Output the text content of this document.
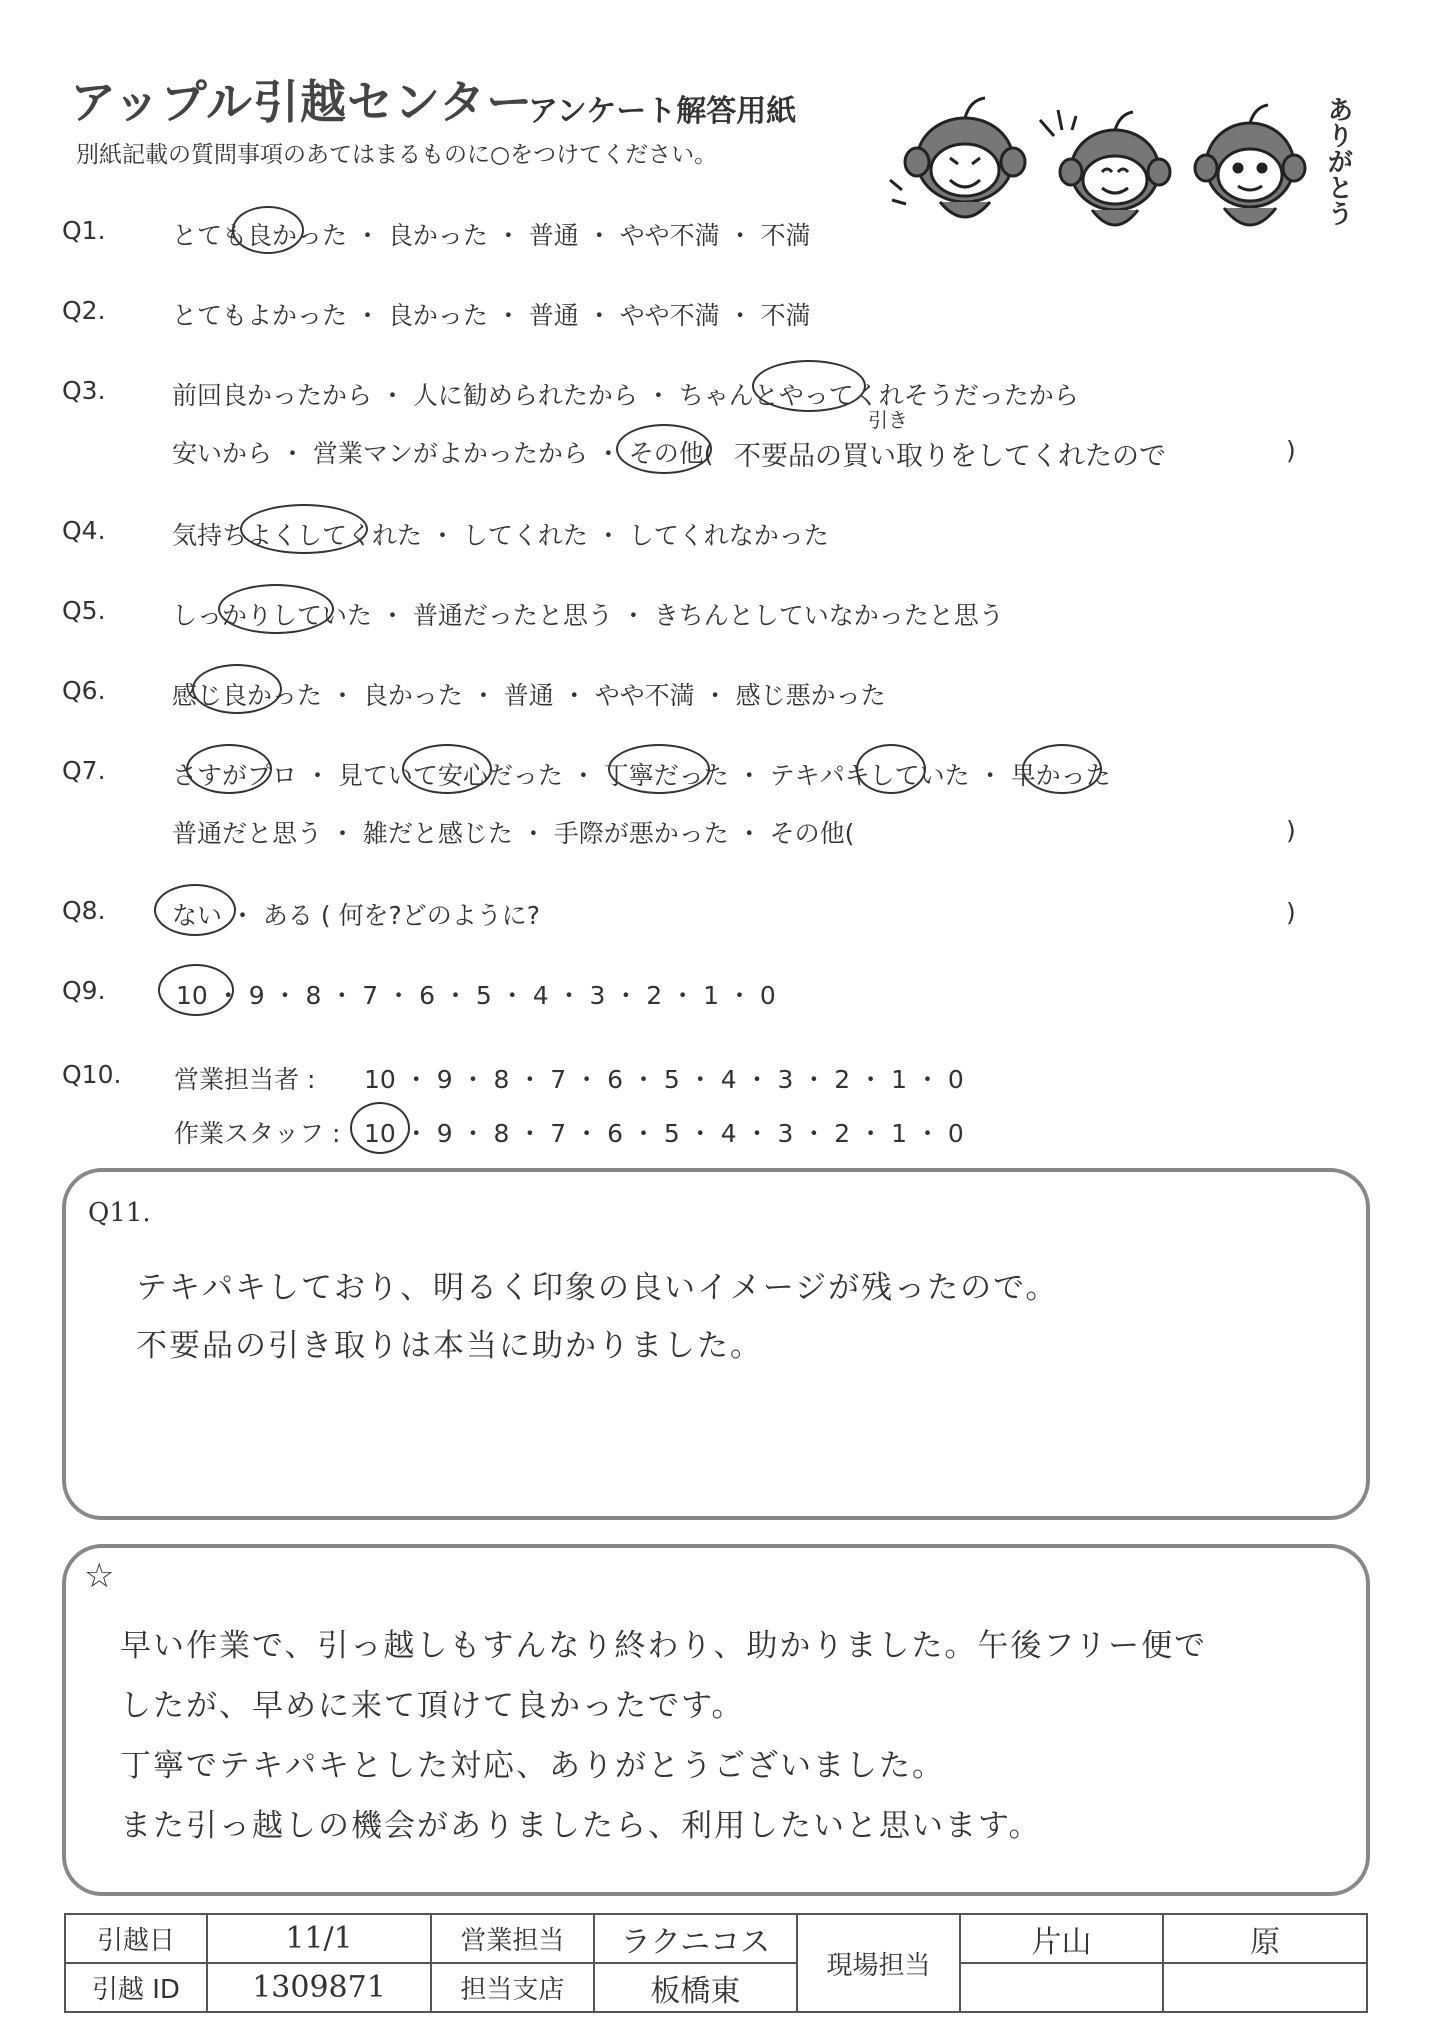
アップル引越センター
アンケート解答用紙
別紙記載の質問事項のあてはまるものに○をつけてください。	ありがとう
Q1.	とても良かった ・ 良かった ・ 普通 ・ やや不満 ・ 不満
Q2.	とてもよかった ・ 良かった ・ 普通 ・ やや不満 ・ 不満
Q3.	前回良かったから ・ 人に勧められたから ・ ちゃんとやってくれそうだったから
安いから ・ 営業マンがよかったから ・ その他( 不要品の買い取りをしてくれたので
引き
)
Q4.	気持ちよくしてくれた ・ してくれた ・ してくれなかった
Q5.	しっかりしていた ・ 普通だったと思う ・ きちんとしていなかったと思う
Q6.	感じ良かった ・ 良かった ・ 普通 ・ やや不満 ・ 感じ悪かった
Q7.	さすがプロ ・ 見ていて安心だった ・ 丁寧だった ・ テキパキしていた ・ 早かった
普通だと思う ・ 雑だと感じた ・ 手際が悪かった ・ その他(	)
Q8.	ない ・ ある ( 何を?どのように?	)
Q9.	10 ・ 9 ・ 8 ・ 7 ・ 6 ・ 5 ・ 4 ・ 3 ・ 2 ・ 1 ・ 0
Q10. 営業担当者 : 10 ・ 9 ・ 8 ・ 7 ・ 6 ・ 5 ・ 4 ・ 3 ・ 2 ・ 1 ・ 0
作業スタッフ : 10 ・ 9 ・ 8 ・ 7 ・ 6 ・ 5 ・ 4 ・ 3 ・ 2 ・ 1 ・ 0
Q11.
テキパキしており、明るく印象の良いイメージが残ったので。
不要品の引き取りは本当に助かりました。
☆
早い作業で、引っ越しもすんなり終わり、助かりました。午後フリー便で
したが、早めに来て頂けて良かったです。
丁寧でテキパキとした対応、ありがとうございました。
また引っ越しの機会がありましたら、利用したいと思います。
引越日	11/1	営業担当	ラクニコス	現場担当	片山	原
引越 ID	1309871	担当支店	板橋東			
